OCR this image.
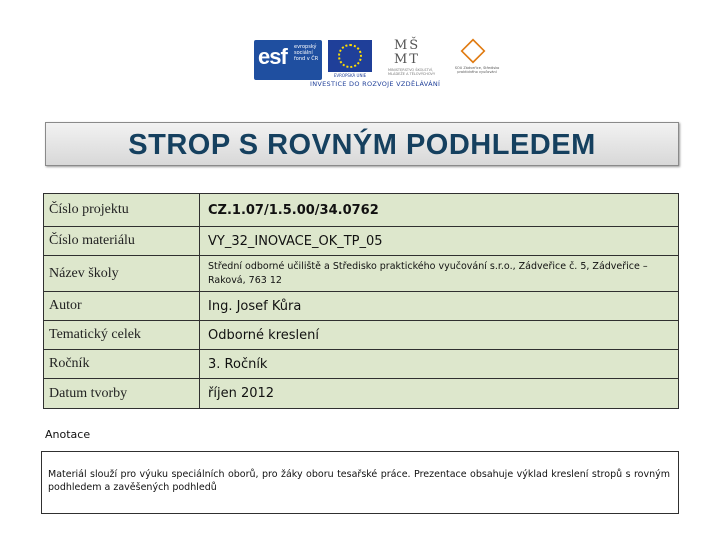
esf evropský sociální fond v ČR
EVROPSKÁ UNIE
MŠ
MT
MINISTERSTVO ŠKOLSTVÍ, MLÁDEŽE A TĚLOVÝCHOVY
SOU Zádveřice, Středisko praktického vyučování
INVESTICE DO ROZVOJE VZDĚLÁVÁNÍ
STROP S ROVNÝM PODHLEDEM
Číslo projektu	CZ.1.07/1.5.00/34.0762
Číslo materiálu	VY_32_INOVACE_OK_TP_05
Název školy	Střední odborné učiliště a Středisko praktického vyučování s.r.o., Zádveřice č. 5, Zádveřice –Raková, 763 12
Autor	Ing. Josef Kůra
Tematický celek	Odborné kreslení
Ročník	3. Ročník
Datum tvorby	říjen 2012
Anotace
Materiál slouží pro výuku speciálních oborů, pro žáky oboru tesařské práce. Prezentace obsahuje výklad kreslení stropů s rovným podhledem a zavěšených podhledů
